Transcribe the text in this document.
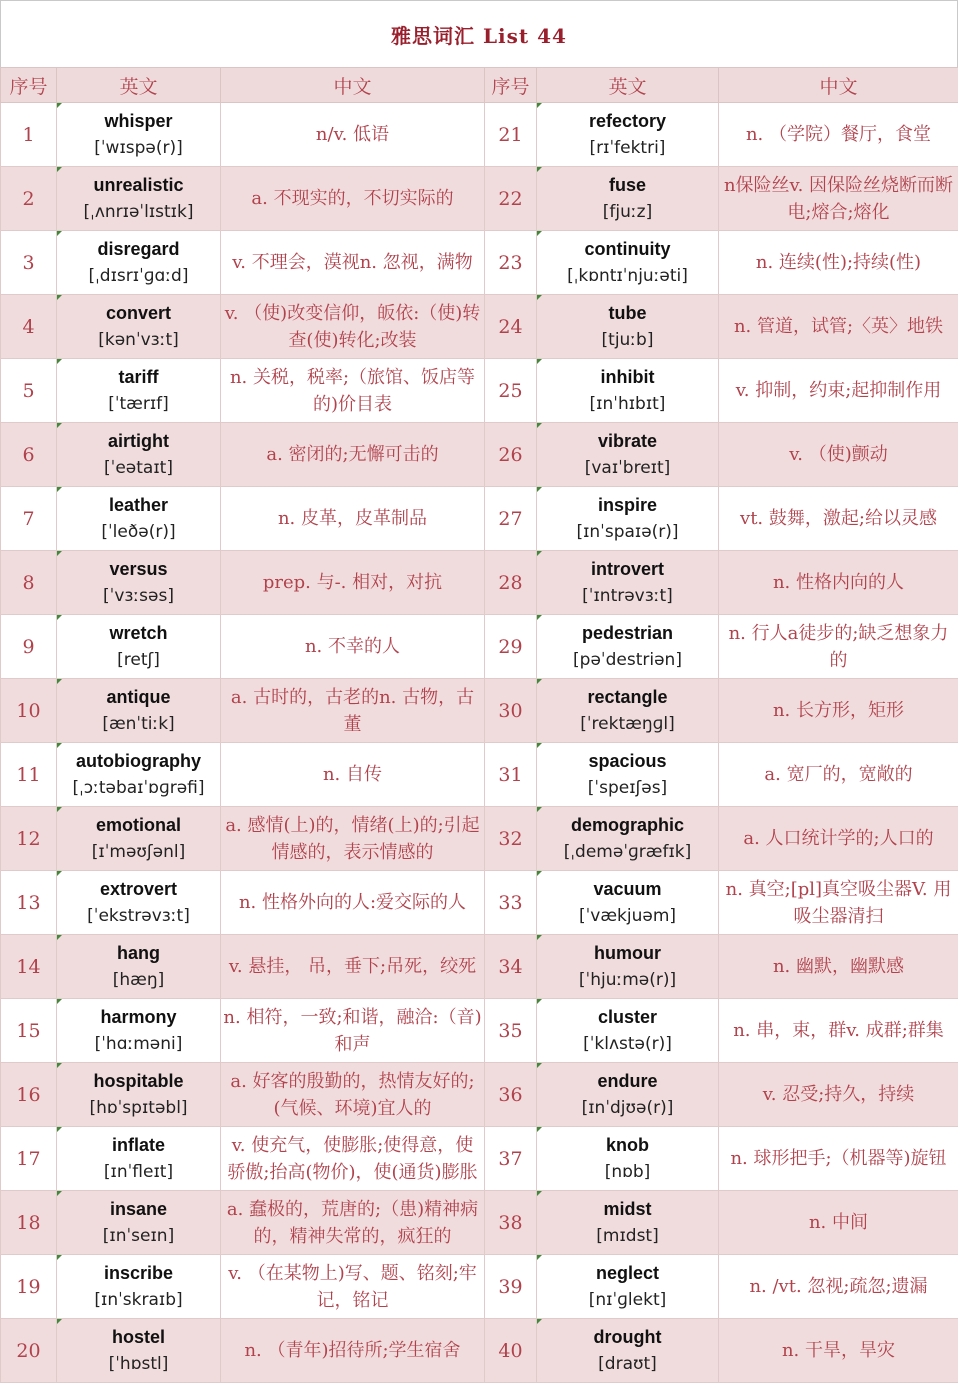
雅思词汇 List 44
序号	英文	中文	序号	英文	中文
1	whisper
[ˈwɪspə(r)]	n/v. 低语	21	refectory
[rɪˈfektri]	n. （学院）餐厅，食堂

2	unrealistic
[ˌʌnrɪəˈlɪstɪk]	a. 不现实的，不切实际的	22	fuse
[fjuːz]	n保险丝v. 因保险丝烧断而断电;熔合;熔化

3	disregard
[ˌdɪsrɪˈɡɑːd]	v. 不理会，漠视n. 忽视，满物	23	continuity
[ˌkɒntɪˈnjuːəti]	n. 连续(性);持续(性)

4	convert
[kənˈvɜːt]	v. （使)改变信仰，皈依:（使)转查(使)转化;改装	24	tube
[tjuːb]	n. 管道，试管;〈英〉地铁

5	tariff
[ˈtærɪf]	n. 关税，税率;（旅馆、饭店等的)价目表	25	inhibit
[ɪnˈhɪbɪt]	v. 抑制，约束;起抑制作用

6	airtight
[ˈeətaɪt]	a. 密闭的;无懈可击的	26	vibrate
[vaɪˈbreɪt]	v. （使)颤动

7	leather
[ˈleðə(r)]	n. 皮革，皮革制品	27	inspire
[ɪnˈspaɪə(r)]	vt. 鼓舞，激起;给以灵感

8	versus
[ˈvɜːsəs]	prep. 与-. 相对，对抗	28	introvert
[ˈɪntrəvɜːt]	n. 性格内向的人

9	wretch
[retʃ]	n. 不幸的人	29	pedestrian
[pəˈdestriən]	n. 行人a徒步的;缺乏想象力的

10	antique
[ænˈtiːk]	a. 古时的，古老的n. 古物，古董	30	rectangle
[ˈrektæŋɡl]	n. 长方形，矩形

11	autobiography
[ˌɔːtəbaɪˈɒɡrəfi]	n. 自传	31	spacious
[ˈspeɪʃəs]	a. 宽厂的，宽敞的

12	emotional
[ɪˈməʊʃənl]	a. 感情(上)的，情绪(上)的;引起情感的，表示情感的	32	demographic
[ˌdeməˈɡræfɪk]	a. 人口统计学的;人口的

13	extrovert
[ˈekstrəvɜːt]	n. 性格外向的人:爱交际的人	33	vacuum
[ˈvækjuəm]	n. 真空;[pl]真空吸尘器V. 用吸尘器清扫

14	hang
[hæŋ]	v. 悬挂， 吊，垂下;吊死，绞死	34	humour
[ˈhjuːmə(r)]	n. 幽默，幽默感

15	harmony
[ˈhɑːməni]	n. 相符，一致;和谐，融洽:（音)和声	35	cluster
[ˈklʌstə(r)]	n. 串，束，群v. 成群;群集

16	hospitable
[hɒˈspɪtəbl]	a. 好客的殷勤的，热情友好的;(气候、环境)宜人的	36	endure
[ɪnˈdjʊə(r)]	v. 忍受;持久，持续

17	inflate
[ɪnˈfleɪt]	v. 使充气，使膨胀;使得意，使骄傲;抬高(物价)，使(通货)膨胀	37	knob
[nɒb]	n. 球形把手;（机器等)旋钮

18	insane
[ɪnˈseɪn]	a. 蠢极的，荒唐的;（患)精神病的，精神失常的，疯狂的	38	midst
[mɪdst]	n. 中间

19	inscribe
[ɪnˈskraɪb]	v. （在某物上)写、题、铭刻;牢记，铭记	39	neglect
[nɪˈɡlekt]	n. /vt. 忽视;疏忽;遗漏

20	hostel
[ˈhɒstl]	n. （青年)招待所;学生宿舍	40	drought
[draʊt]	n. 干旱，旱灾
